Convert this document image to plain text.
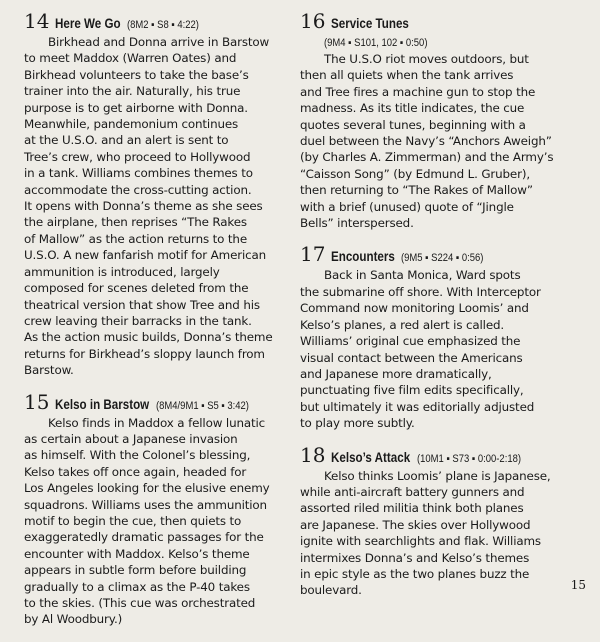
14 Here We Go (8M2 ▪ S8 ▪ 4:22)
Birkhead and Donna arrive in Barstow
to meet Maddox (Warren Oates) and
Birkhead volunteers to take the base’s
trainer into the air. Naturally, his true
purpose is to get airborne with Donna.
Meanwhile, pandemonium continues
at the U.S.O. and an alert is sent to
Tree’s crew, who proceed to Hollywood
in a tank. Williams combines themes to
accommodate the cross-cutting action.
It opens with Donna’s theme as she sees
the airplane, then reprises “The Rakes
of Mallow” as the action returns to the
U.S.O. A new fanfarish motif for American
ammunition is introduced, largely
composed for scenes deleted from the
theatrical version that show Tree and his
crew leaving their barracks in the tank.
As the action music builds, Donna’s theme
returns for Birkhead’s sloppy launch from
Barstow.
15 Kelso in Barstow (8M4/9M1 ▪ S5 ▪ 3:42)
Kelso finds in Maddox a fellow lunatic
as certain about a Japanese invasion
as himself. With the Colonel’s blessing,
Kelso takes off once again, headed for
Los Angeles looking for the elusive enemy
squadrons. Williams uses the ammunition
motif to begin the cue, then quiets to
exaggeratedly dramatic passages for the
encounter with Maddox. Kelso’s theme
appears in subtle form before building
gradually to a climax as the P-40 takes
to the skies. (This cue was orchestrated
by Al Woodbury.)
16 Service Tunes
(9M4 ▪ S101, 102 ▪ 0:50)
The U.S.O riot moves outdoors, but
then all quiets when the tank arrives
and Tree fires a machine gun to stop the
madness. As its title indicates, the cue
quotes several tunes, beginning with a
duel between the Navy’s “Anchors Aweigh”
(by Charles A. Zimmerman) and the Army’s
“Caisson Song” (by Edmund L. Gruber),
then returning to “The Rakes of Mallow”
with a brief (unused) quote of “Jingle
Bells” interspersed.
17 Encounters (9M5 ▪ S224 ▪ 0:56)
Back in Santa Monica, Ward spots
the submarine off shore. With Interceptor
Command now monitoring Loomis’ and
Kelso’s planes, a red alert is called.
Williams’ original cue emphasized the
visual contact between the Americans
and Japanese more dramatically,
punctuating five film edits specifically,
but ultimately it was editorially adjusted
to play more subtly.
18 Kelso’s Attack (10M1 ▪ S73 ▪ 0:00-2:18)
Kelso thinks Loomis’ plane is Japanese,
while anti-aircraft battery gunners and
assorted riled militia think both planes
are Japanese. The skies over Hollywood
ignite with searchlights and flak. Williams
intermixes Donna’s and Kelso’s themes
in epic style as the two planes buzz the
boulevard.	15
